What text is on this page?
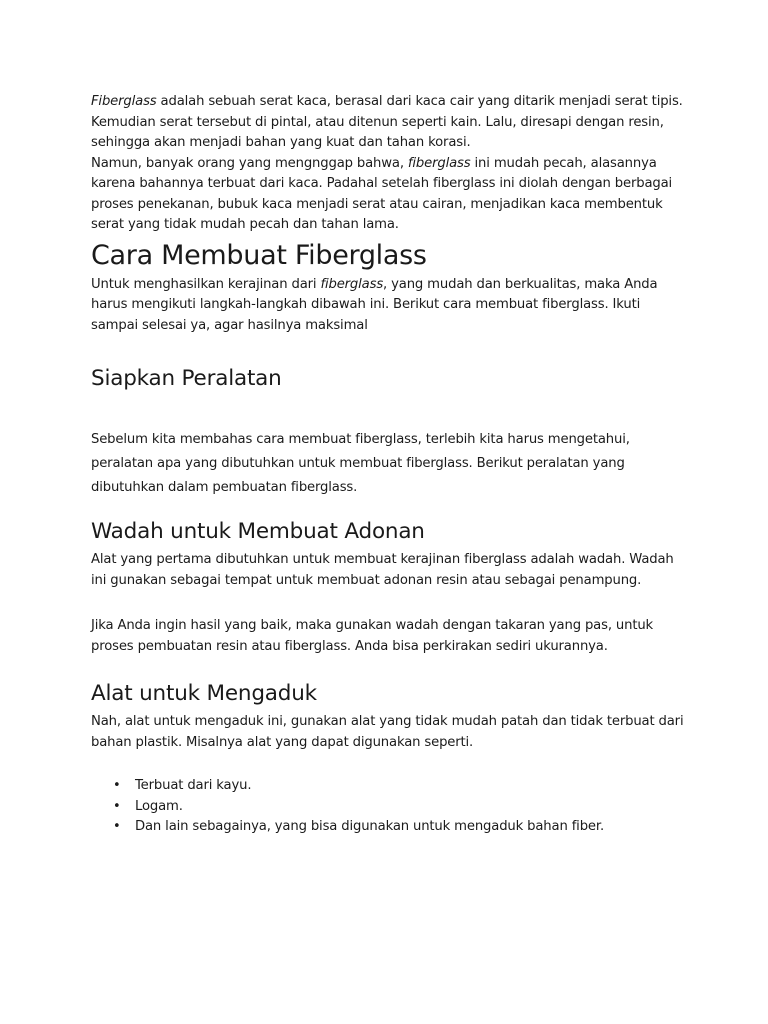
Fiberglass adalah sebuah serat kaca, berasal dari kaca cair yang ditarik menjadi serat tipis. Kemudian serat tersebut di pintal, atau ditenun seperti kain. Lalu, diresapi dengan resin, sehingga akan menjadi bahan yang kuat dan tahan korasi.

Namun, banyak orang yang mengnggap bahwa, fiberglass ini mudah pecah, alasannya karena bahannya terbuat dari kaca. Padahal setelah fiberglass ini diolah dengan berbagai proses penekanan, bubuk kaca menjadi serat atau cairan, menjadikan kaca membentuk serat yang tidak mudah pecah dan tahan lama.

Cara Membuat Fiberglass

Untuk menghasilkan kerajinan dari fiberglass, yang mudah dan berkualitas, maka Anda harus mengikuti langkah-langkah dibawah ini. Berikut cara membuat fiberglass. Ikuti sampai selesai ya, agar hasilnya maksimal

Siapkan Peralatan

Sebelum kita membahas cara membuat fiberglass, terlebih kita harus mengetahui, peralatan apa yang dibutuhkan untuk membuat fiberglass. Berikut peralatan yang dibutuhkan dalam pembuatan fiberglass.

Wadah untuk Membuat Adonan

Alat yang pertama dibutuhkan untuk membuat kerajinan fiberglass adalah wadah. Wadah ini gunakan sebagai tempat untuk membuat adonan resin atau sebagai penampung.

Jika Anda ingin hasil yang baik, maka gunakan wadah dengan takaran yang pas, untuk proses pembuatan resin atau fiberglass. Anda bisa perkirakan sediri ukurannya.

Alat untuk Mengaduk

Nah, alat untuk mengaduk ini, gunakan alat yang tidak mudah patah dan tidak terbuat dari bahan plastik. Misalnya alat yang dapat digunakan seperti.

• Terbuat dari kayu.
• Logam.
• Dan lain sebagainya, yang bisa digunakan untuk mengaduk bahan fiber.
